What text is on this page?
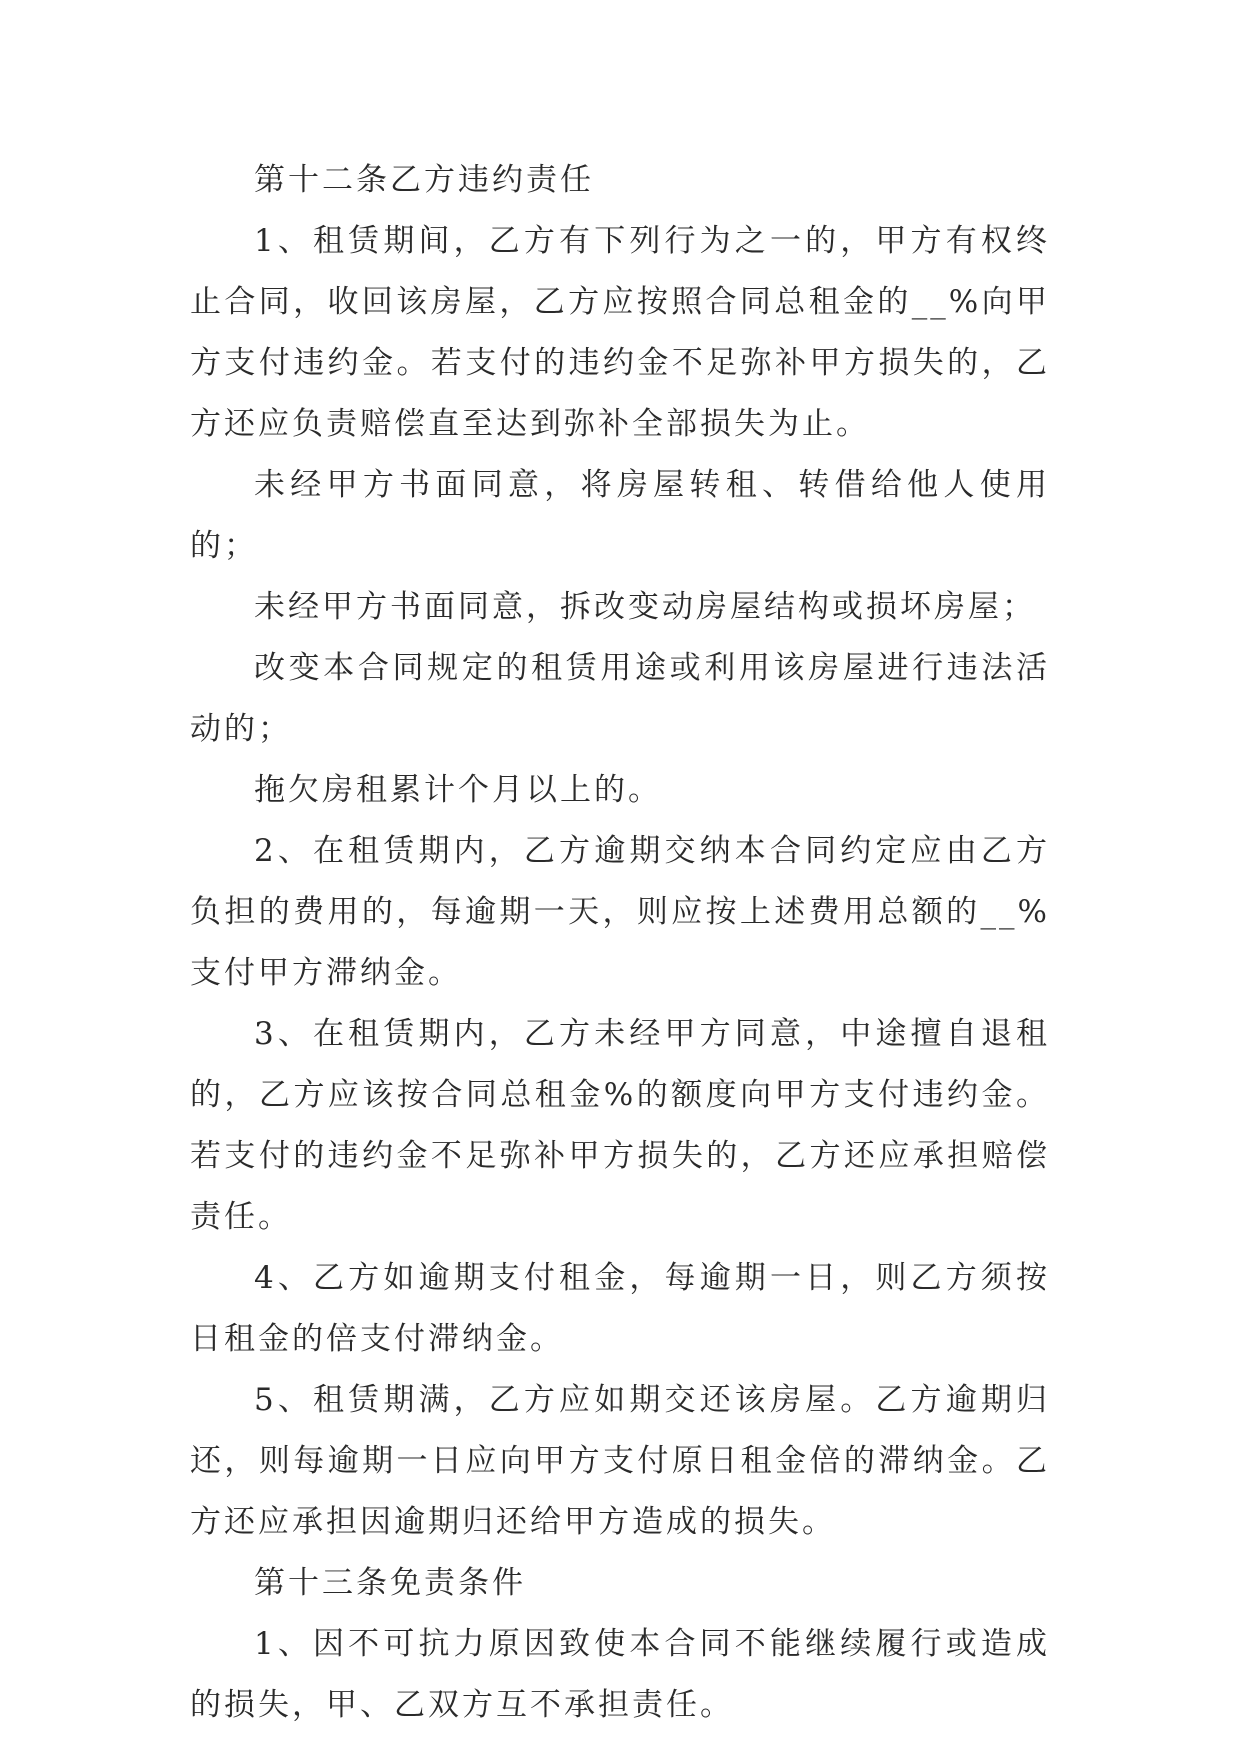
第十二条乙方违约责任

1、租赁期间，乙方有下列行为之一的，甲方有权终止合同，收回该房屋，乙方应按照合同总租金的__%向甲方支付违约金。若支付的违约金不足弥补甲方损失的，乙方还应负责赔偿直至达到弥补全部损失为止。

未经甲方书面同意，将房屋转租、转借给他人使用的；

未经甲方书面同意，拆改变动房屋结构或损坏房屋；

改变本合同规定的租赁用途或利用该房屋进行违法活动的；

拖欠房租累计个月以上的。

2、在租赁期内，乙方逾期交纳本合同约定应由乙方负担的费用的，每逾期一天，则应按上述费用总额的__%支付甲方滞纳金。

3、在租赁期内，乙方未经甲方同意，中途擅自退租的，乙方应该按合同总租金%的额度向甲方支付违约金。若支付的违约金不足弥补甲方损失的，乙方还应承担赔偿责任。

4、乙方如逾期支付租金，每逾期一日，则乙方须按日租金的倍支付滞纳金。

5、租赁期满，乙方应如期交还该房屋。乙方逾期归还，则每逾期一日应向甲方支付原日租金倍的滞纳金。乙方还应承担因逾期归还给甲方造成的损失。

第十三条免责条件

1、因不可抗力原因致使本合同不能继续履行或造成的损失，甲、乙双方互不承担责任。
